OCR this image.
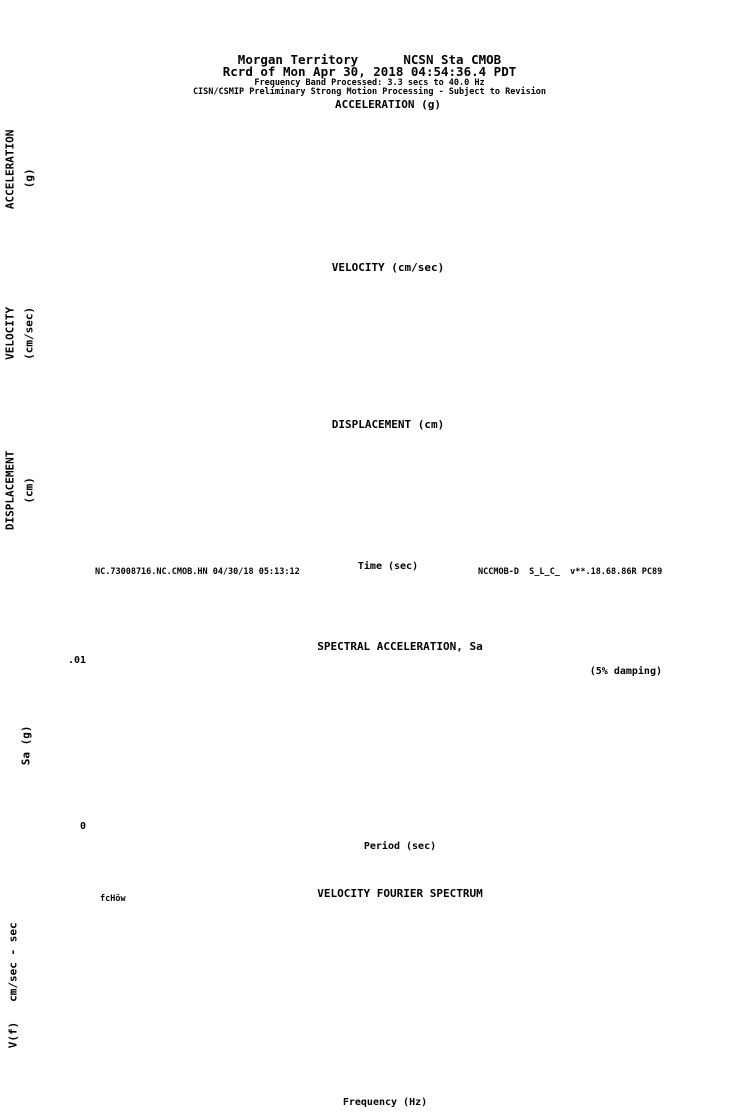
Morgan Territory      NCSN Sta CMOB
Rcrd of Mon Apr 30, 2018 04:54:36.4 PDT
Frequency Band Processed: 3.3 secs to 40.0 Hz
CISN/CSMIP Preliminary Strong Motion Processing - Subject to Revision
ACCELERATION (g)
VELOCITY (cm/sec)
DISPLACEMENT (cm)
ACCELERATION (g)
VELOCITY (cm/sec)
DISPLACEMENT (cm)
Time (sec)
NC.73008716.NC.CMOB.HN 04/30/18 05:13:12	NCCMOB-D  S_L_C_  v**.18.68.86R PC89
SPECTRAL ACCELERATION, Sa
(5% damping)
.01
0
Sa (g)
Period (sec)
VELOCITY FOURIER SPECTRUM
fcHöw
V(f)   cm/sec - sec
Frequency (Hz)
